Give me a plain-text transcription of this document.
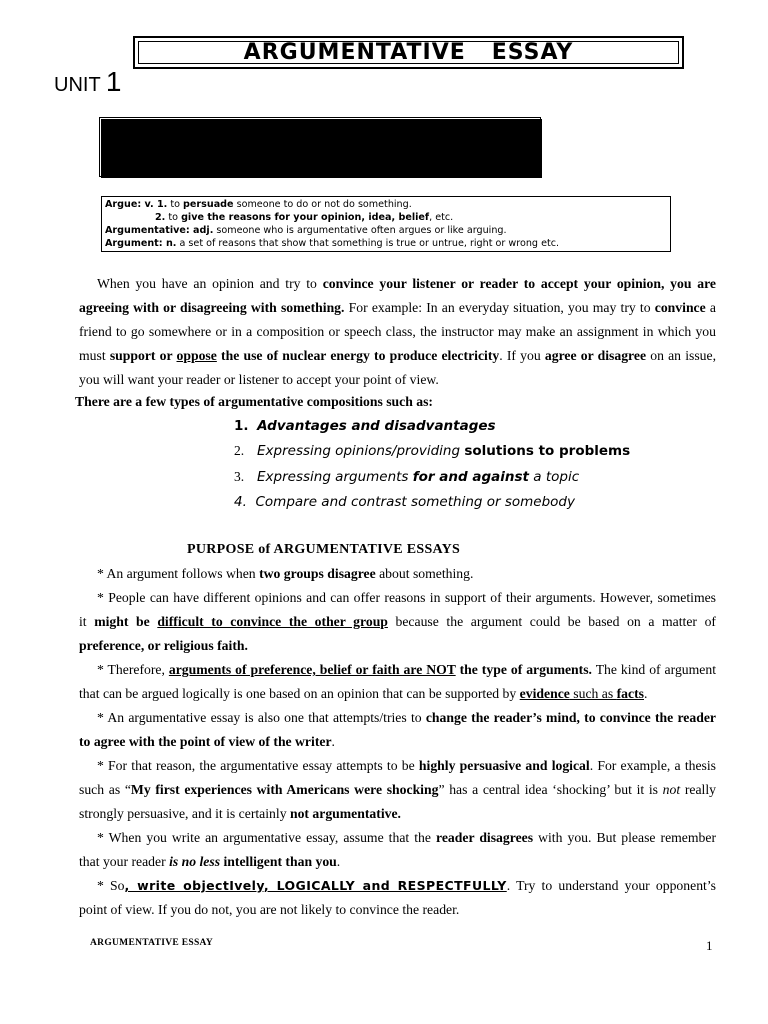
ARGUMENTATIVE   ESSAY
UNIT 1
Argue: v. 1. to persuade someone to do or not do something.
2. to give the reasons for your opinion, idea, belief, etc.
Argumentative: adj. someone who is argumentative often argues or like arguing.
Argument: n. a set of reasons that show that something is true or untrue, right or wrong etc.
When you have an opinion and try to convince your listener or reader to accept your opinion, you are
agreeing with or disagreeing with something. For example: In an everyday situation, you may try to convince a
friend to go somewhere or in a composition or speech class, the instructor may make an assignment in which you
must support or oppose the use of nuclear energy to produce electricity. If you agree or disagree on an issue,
you will want your reader or listener to accept your point of view.
There are a few types of argumentative compositions such as:
1. Advantages and disadvantages
2. Expressing opinions/providing solutions to problems
3. Expressing arguments for and against a topic
4. Compare and contrast something or somebody
PURPOSE of ARGUMENTATIVE ESSAYS
* An argument follows when two groups disagree about something.
* People can have different opinions and can offer reasons in support of their arguments. However, sometimes
it might be difficult to convince the other group because the argument could be based on a matter of
preference, or religious faith.
* Therefore, arguments of preference, belief or faith are NOT the type of arguments. The kind of argument
that can be argued logically is one based on an opinion that can be supported by evidence such as facts.
* An argumentative essay is also one that attempts/tries to change the reader’s mind, to convince the reader
to agree with the point of view of the writer.
* For that reason, the argumentative essay attempts to be highly persuasive and logical. For example, a thesis
such as “My first experiences with Americans were shocking” has a central idea ‘shocking’ but it is not really
strongly persuasive, and it is certainly not argumentative.
* When you write an argumentative essay, assume that the reader disagrees with you. But please remember
that your reader is no less intelligent than you.
* So, write objectIvely, LOGICALLY and RESPECTFULLY. Try to understand your opponent’s
point of view. If you do not, you are not likely to convince the reader.
ARGUMENTATIVE ESSAY	1
